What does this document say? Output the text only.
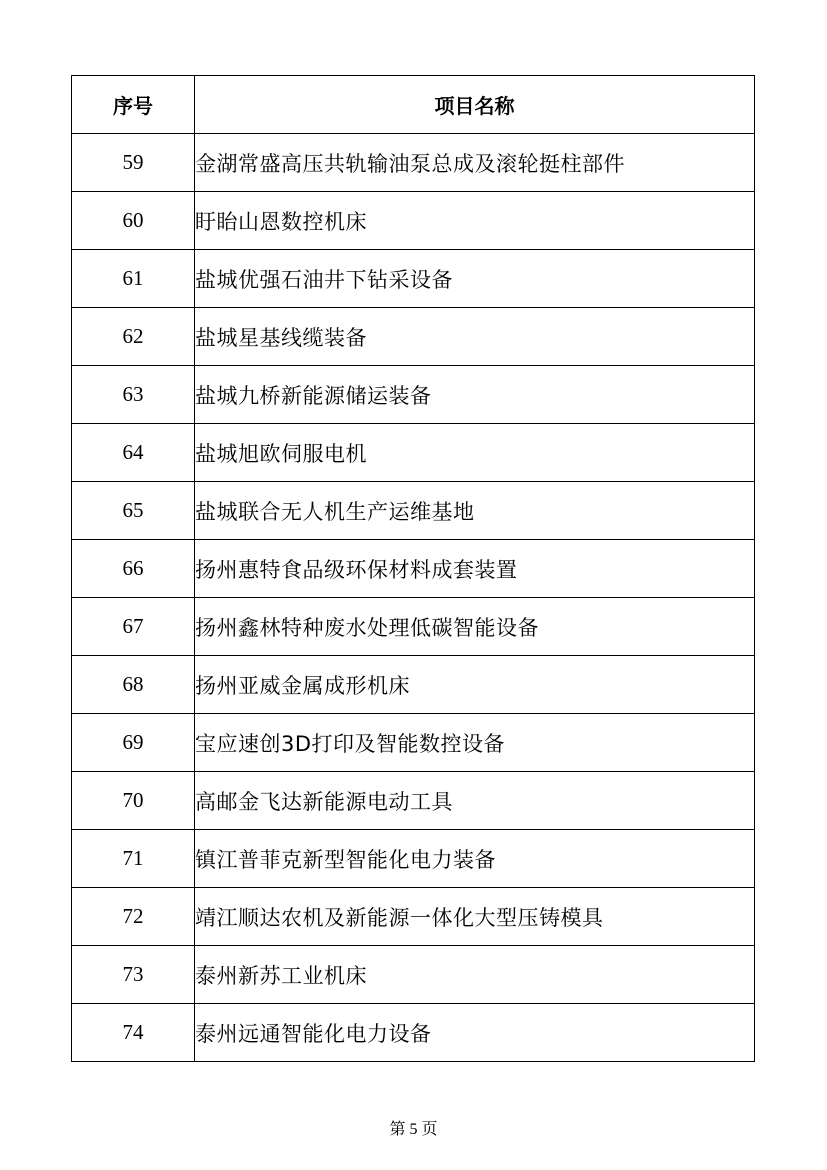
序号	项目名称
59	金湖常盛高压共轨输油泵总成及滚轮挺柱部件
60	盱眙山恩数控机床
61	盐城优强石油井下钻采设备
62	盐城星基线缆装备
63	盐城九桥新能源储运装备
64	盐城旭欧伺服电机
65	盐城联合无人机生产运维基地
66	扬州惠特食品级环保材料成套装置
67	扬州鑫林特种废水处理低碳智能设备
68	扬州亚威金属成形机床
69	宝应速创3D打印及智能数控设备
70	高邮金飞达新能源电动工具
71	镇江普菲克新型智能化电力装备
72	靖江顺达农机及新能源一体化大型压铸模具
73	泰州新苏工业机床
74	泰州远通智能化电力设备
第 5 页
